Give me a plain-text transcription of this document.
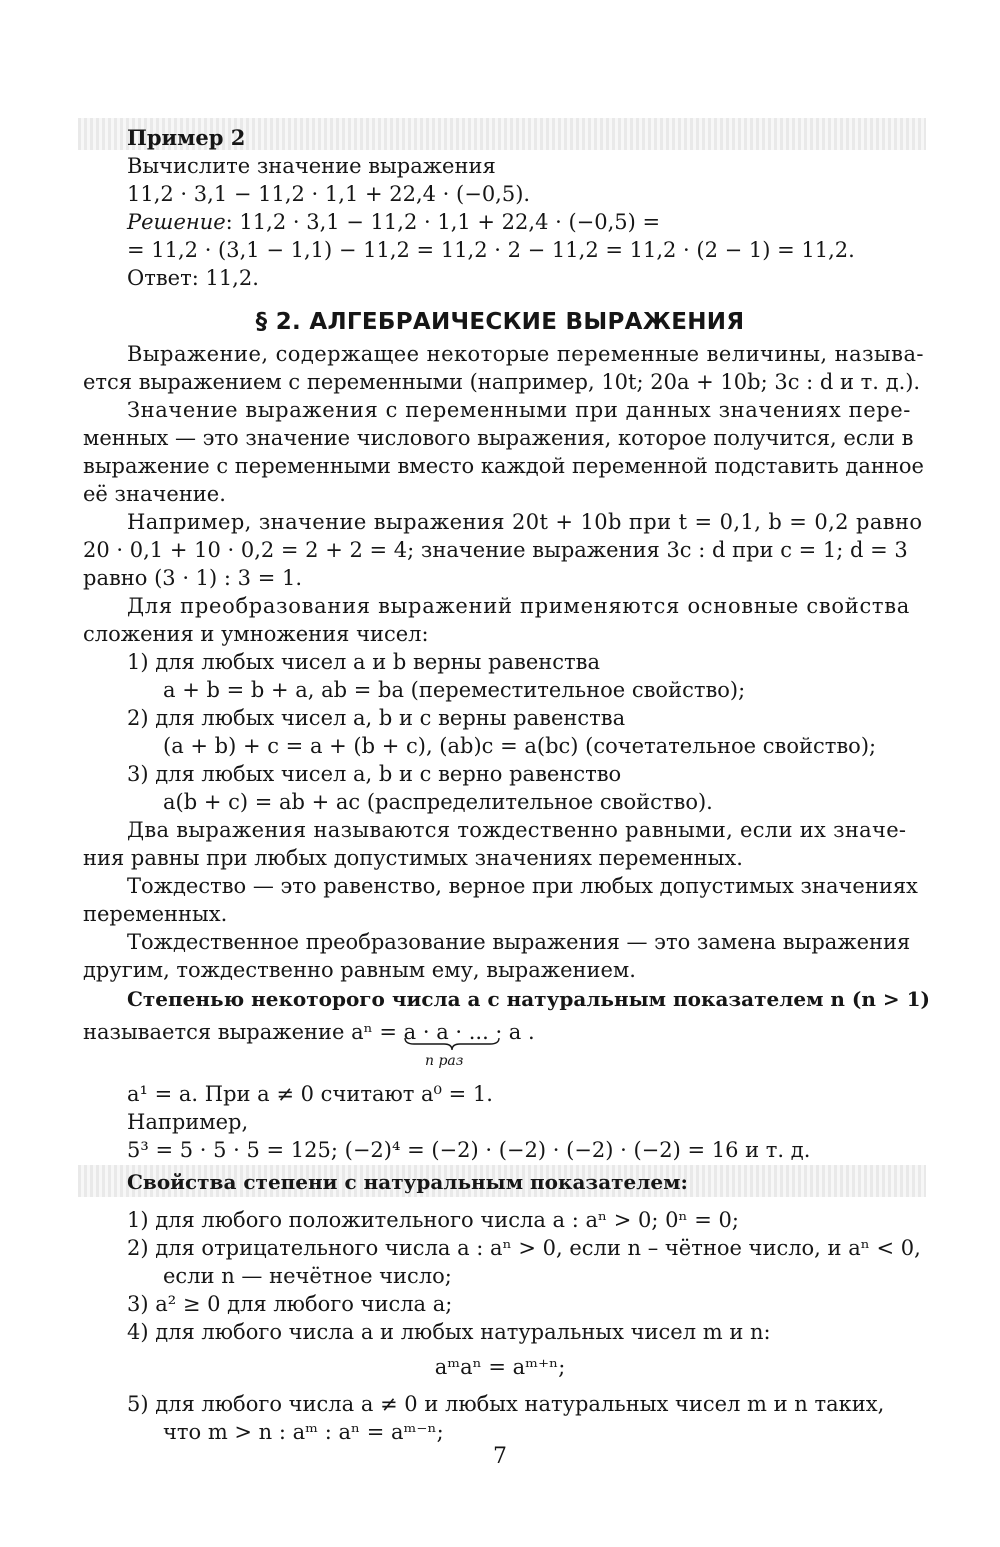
Пример 2
Вычислите значение выражения
11,2 · 3,1 − 11,2 · 1,1 + 22,4 · (−0,5).
Решение: 11,2 · 3,1 − 11,2 · 1,1 + 22,4 · (−0,5) =
= 11,2 · (3,1 − 1,1) − 11,2 = 11,2 · 2 − 11,2 = 11,2 · (2 − 1) = 11,2.
Ответ: 11,2.
§ 2. АЛГЕБРАИЧЕСКИЕ ВЫРАЖЕНИЯ
Выражение, содержащее некоторые переменные величины, называ-
ется выражением с переменными (например, 10t; 20a + 10b; 3c : d и т. д.).
Значение выражения с переменными при данных значениях пере-
менных — это значение числового выражения, которое получится, если в
выражение с переменными вместо каждой переменной подставить данное
её значение.
Например, значение выражения 20t + 10b при t = 0,1, b = 0,2 равно
20 · 0,1 + 10 · 0,2 = 2 + 2 = 4; значение выражения 3c : d при c = 1; d = 3
равно (3 · 1) : 3 = 1.
Для преобразования выражений применяются основные свойства
сложения и умножения чисел:
1) для любых чисел a и b верны равенства
a + b = b + a, ab = ba (переместительное свойство);
2) для любых чисел a, b и c верны равенства
(a + b) + c = a + (b + c), (ab)c = a(bc) (сочетательное свойство);
3) для любых чисел a, b и c верно равенство
a(b + c) = ab + ac (распределительное свойство).
Два выражения называются тождественно равными, если их значе-
ния равны при любых допустимых значениях переменных.
Тождество — это равенство, верное при любых допустимых значениях
переменных.
Тождественное преобразование выражения — это замена выражения
другим, тождественно равным ему, выражением.
Степенью некоторого числа a с натуральным показателем n (n > 1)
называется выражение aⁿ = a · a · ... · a .
n раз
a¹ = a. При a ≠ 0 считают a⁰ = 1.
Например,
5³ = 5 · 5 · 5 = 125; (−2)⁴ = (−2) · (−2) · (−2) · (−2) = 16 и т. д.
Свойства степени с натуральным показателем:
1) для любого положительного числа a : aⁿ > 0; 0ⁿ = 0;
2) для отрицательного числа a : aⁿ > 0, если n – чётное число, и aⁿ < 0,
если n — нечётное число;
3) a² ≥ 0 для любого числа a;
4) для любого числа a и любых натуральных чисел m и n:
aᵐaⁿ = aᵐ⁺ⁿ;
5) для любого числа a ≠ 0 и любых натуральных чисел m и n таких,
что m > n : aᵐ : aⁿ = aᵐ⁻ⁿ;
7
